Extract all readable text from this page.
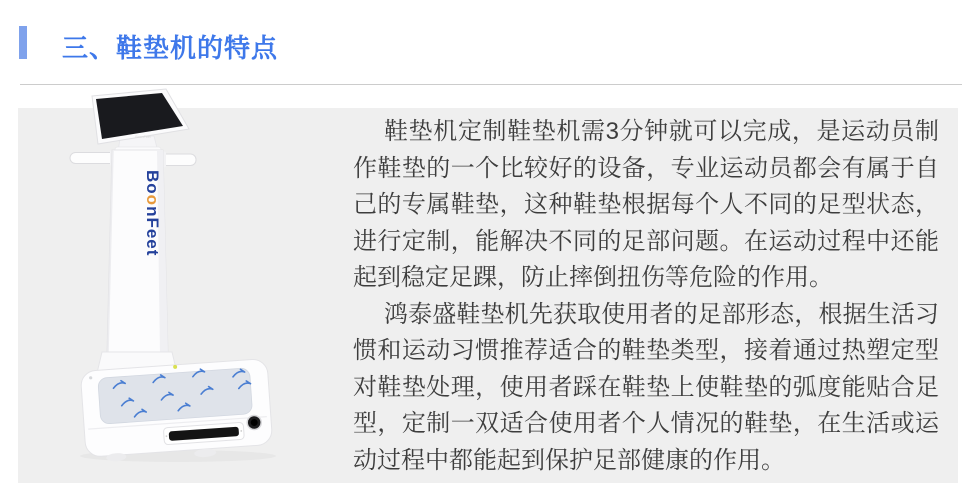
三、鞋垫机的特点
BoonFeet
BoonFeet

鞋垫机定制鞋垫机需3分钟就可以完成，是运动员制作鞋垫的一个比较好的设备，专业运动员都会有属于自己的专属鞋垫，这种鞋垫根据每个人不同的足型状态，进行定制，能解决不同的足部问题。在运动过程中还能起到稳定足踝，防止摔倒扭伤等危险的作用。

鸿泰盛鞋垫机先获取使用者的足部形态，根据生活习惯和运动习惯推荐适合的鞋垫类型，接着通过热塑定型对鞋垫处理，使用者踩在鞋垫上使鞋垫的弧度能贴合足型，定制一双适合使用者个人情况的鞋垫，在生活或运动过程中都能起到保护足部健康的作用。
